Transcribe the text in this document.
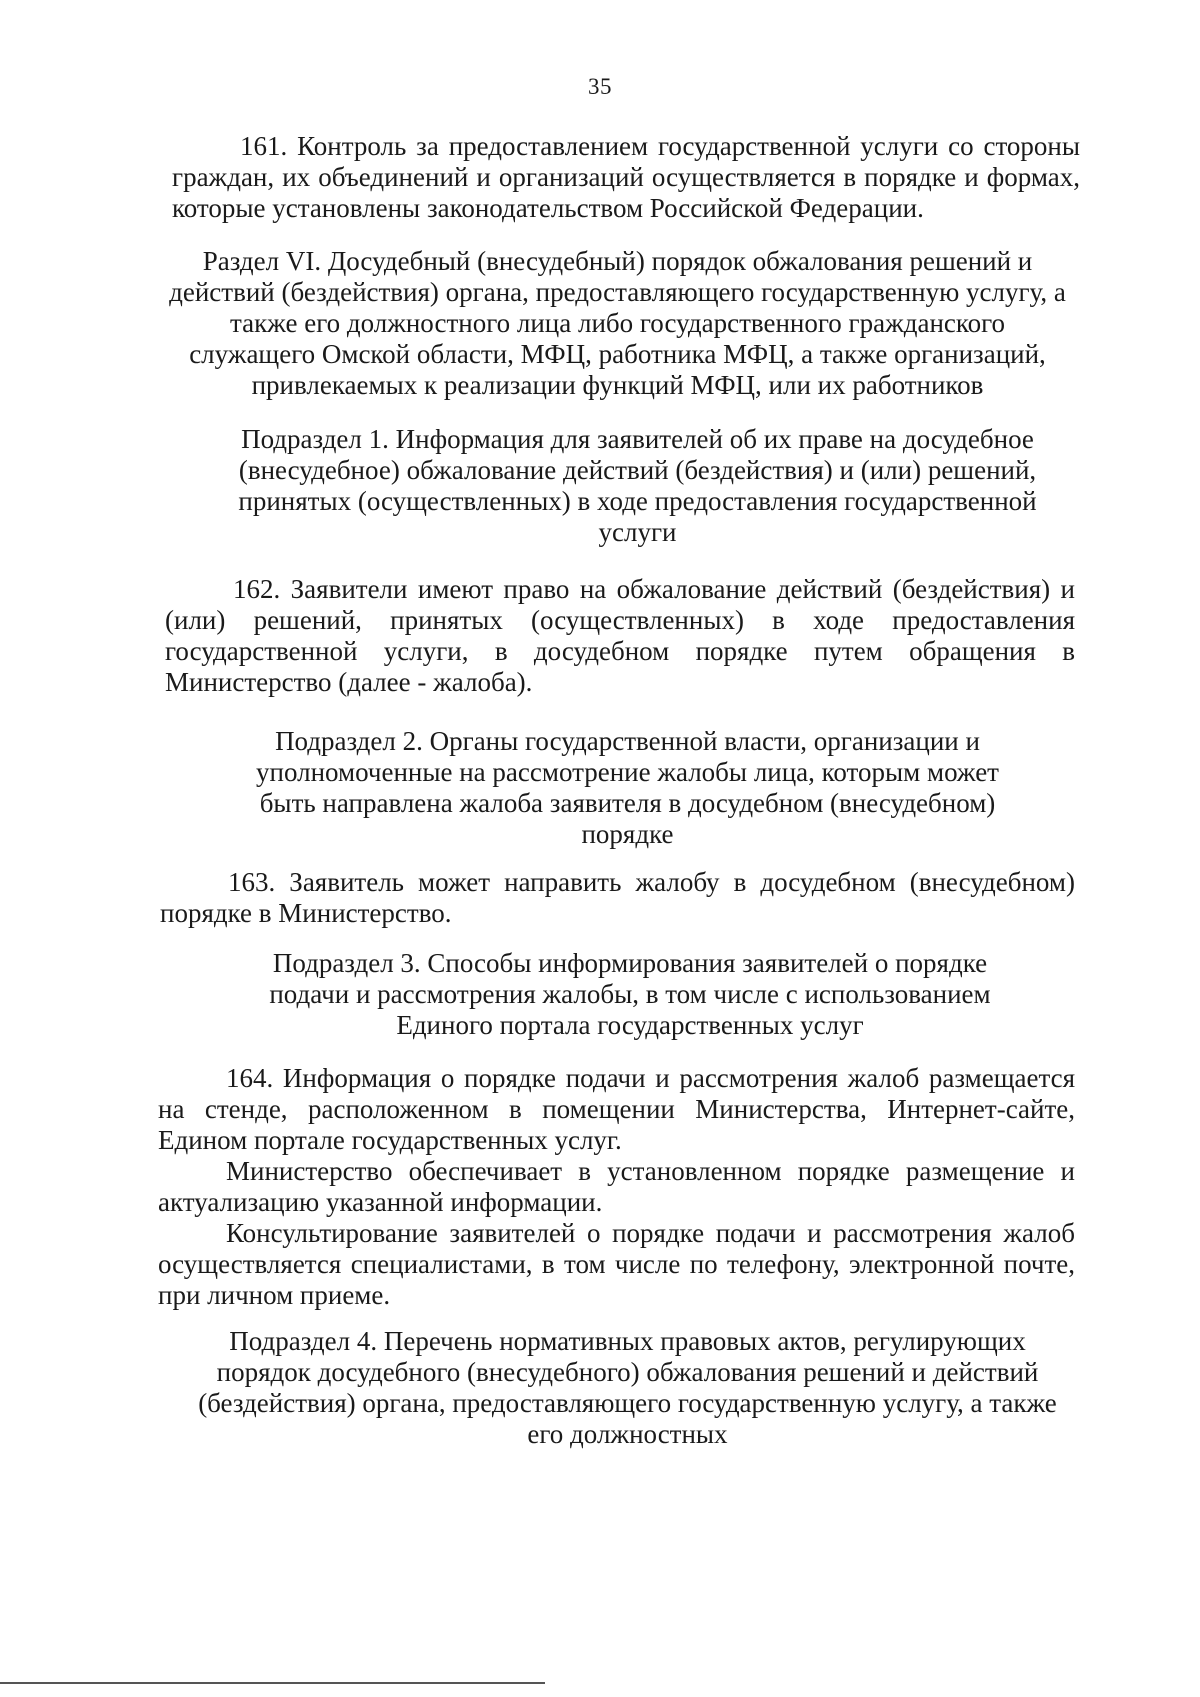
35

161. Контроль за предоставлением государственной услуги со стороны граждан, их объединений и организаций осуществляется в порядке и формах, которые установлены законодательством Российской Федерации.

Раздел VI. Досудебный (внесудебный) порядок обжалования решений и действий (бездействия) органа, предоставляющего государственную услугу, а также его должностного лица либо государственного гражданского служащего Омской области, МФЦ, работника МФЦ, а также организаций, привлекаемых к реализации функций МФЦ, или их работников

Подраздел 1. Информация для заявителей об их праве на досудебное (внесудебное) обжалование действий (бездействия) и (или) решений, принятых (осуществленных) в ходе предоставления государственной услуги

162. Заявители имеют право на обжалование действий (бездействия) и (или) решений, принятых (осуществленных) в ходе предоставления государственной услуги, в досудебном порядке путем обращения в Министерство (далее - жалоба).

Подраздел 2. Органы государственной власти, организации и уполномоченные на рассмотрение жалобы лица, которым может быть направлена жалоба заявителя в досудебном (внесудебном) порядке

163. Заявитель может направить жалобу в досудебном (внесудебном) порядке в Министерство.

Подраздел 3. Способы информирования заявителей о порядке подачи и рассмотрения жалобы, в том числе с использованием Единого портала государственных услуг

164. Информация о порядке подачи и рассмотрения жалоб размещается на стенде, расположенном в помещении Министерства, Интернет-сайте, Едином портале государственных услуг.

Министерство обеспечивает в установленном порядке размещение и актуализацию указанной информации.

Консультирование заявителей о порядке подачи и рассмотрения жалоб осуществляется специалистами, в том числе по телефону, электронной почте, при личном приеме.

Подраздел 4. Перечень нормативных правовых актов, регулирующих порядок досудебного (внесудебного) обжалования решений и действий (бездействия) органа, предоставляющего государственную услугу, а также его должностных
